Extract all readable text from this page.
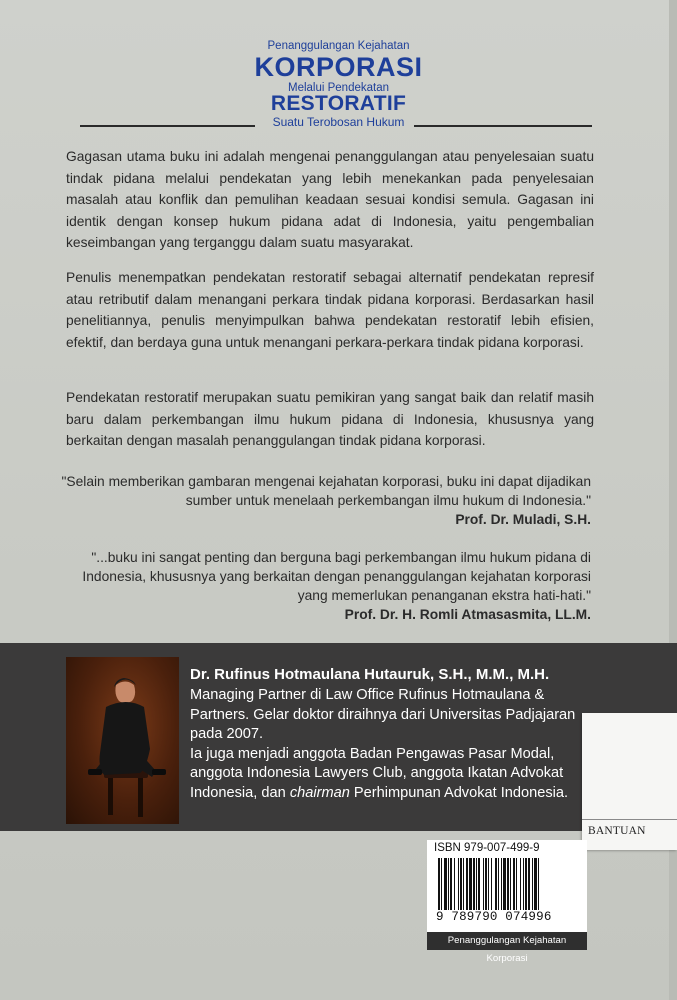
Penanggulangan Kejahatan
KORPORASI
Melalui Pendekatan
RESTORATIF
Suatu Terobosan Hukum
Gagasan utama buku ini adalah mengenai penanggulangan atau penyelesaian suatu tindak pidana melalui pendekatan yang lebih menekankan pada penyelesaian masalah atau konflik dan pemulihan keadaan sesuai kondisi semula. Gagasan ini identik dengan konsep hukum pidana adat di Indonesia, yaitu pengembalian keseimbangan yang terganggu dalam suatu masyarakat.
Penulis menempatkan pendekatan restoratif sebagai alternatif pendekatan represif atau retributif dalam menangani perkara tindak pidana korporasi. Berdasarkan hasil penelitiannya, penulis menyimpulkan bahwa pendekatan restoratif lebih efisien, efektif, dan berdaya guna untuk menangani perkara-perkara tindak pidana korporasi.
Pendekatan restoratif merupakan suatu pemikiran yang sangat baik dan relatif masih baru dalam perkembangan ilmu hukum pidana di Indonesia, khususnya yang berkaitan dengan masalah penanggulangan tindak pidana korporasi.
"Selain memberikan gambaran mengenai kejahatan korporasi, buku ini dapat dijadikan sumber untuk menelaah perkembangan ilmu hukum di Indonesia."
Prof. Dr. Muladi, S.H.
"...buku ini sangat penting dan berguna bagi perkembangan ilmu hukum pidana di Indonesia, khususnya yang berkaitan dengan penanggulangan kejahatan korporasi yang memerlukan penanganan ekstra hati-hati."
Prof. Dr. H. Romli Atmasasmita, LL.M.
Dr. Rufinus Hotmaulana Hutauruk, S.H., M.M., M.H.
Managing Partner di Law Office Rufinus Hotmaulana & Partners. Gelar doktor diraihnya dari Universitas Padjajaran pada 2007.
Ia juga menjadi anggota Badan Pengawas Pasar Modal, anggota Indonesia Lawyers Club, anggota Ikatan Advokat Indonesia, dan chairman Perhimpunan Advokat Indonesia.
BANTUAN
ISBN 979-007-499-9
9 789790 074996
Penanggulangan Kejahatan Korporasi
